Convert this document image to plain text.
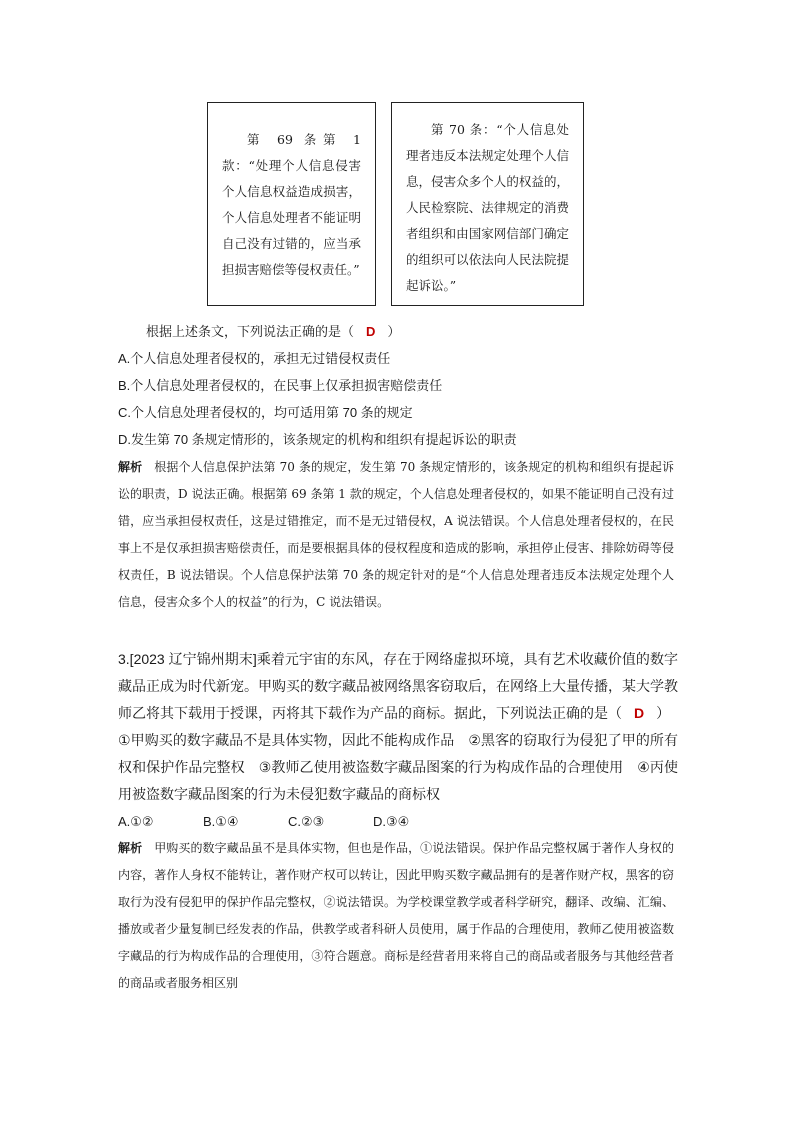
第 69 条第 1 款：“处理个人信息侵害个人信息权益造成损害，个人信息处理者不能证明自己没有过错的，应当承担损害赔偿等侵权责任。”

第 70 条：“个人信息处理者违反本法规定处理个人信息，侵害众多个人的权益的，人民检察院、法律规定的消费者组织和由国家网信部门确定的组织可以依法向人民法院提起诉讼。”

根据上述条文，下列说法正确的是（ D ）
A.个人信息处理者侵权的，承担无过错侵权责任
B.个人信息处理者侵权的，在民事上仅承担损害赔偿责任
C.个人信息处理者侵权的，均可适用第 70 条的规定
D.发生第 70 条规定情形的，该条规定的机构和组织有提起诉讼的职责
解析 根据个人信息保护法第 70 条的规定，发生第 70 条规定情形的，该条规定的机构和组织有提起诉讼的职责，D 说法正确。根据第 69 条第 1 款的规定，个人信息处理者侵权的，如果不能证明自己没有过错，应当承担侵权责任，这是过错推定，而不是无过错侵权，A 说法错误。个人信息处理者侵权的，在民事上不是仅承担损害赔偿责任，而是要根据具体的侵权程度和造成的影响，承担停止侵害、排除妨碍等侵权责任，B 说法错误。个人信息保护法第 70 条的规定针对的是“个人信息处理者违反本法规定处理个人信息，侵害众多个人的权益”的行为，C 说法错误。
3.[2023 辽宁锦州期末]乘着元宇宙的东风，存在于网络虚拟环境，具有艺术收藏价值的数字藏品正成为时代新宠。甲购买的数字藏品被网络黑客窃取后，在网络上大量传播，某大学教师乙将其下载用于授课，丙将其下载作为产品的商标。据此，下列说法正确的是（ D ）
①甲购买的数字藏品不是具体实物，因此不能构成作品　②黑客的窃取行为侵犯了甲的所有权和保护作品完整权　③教师乙使用被盗数字藏品图案的行为构成作品的合理使用　④丙使用被盗数字藏品图案的行为未侵犯数字藏品的商标权
A.①②	B.①④	C.②③	D.③④
解析 甲购买的数字藏品虽不是具体实物，但也是作品，①说法错误。保护作品完整权属于著作人身权的内容，著作人身权不能转让，著作财产权可以转让，因此甲购买数字藏品拥有的是著作财产权，黑客的窃取行为没有侵犯甲的保护作品完整权，②说法错误。为学校课堂教学或者科学研究，翻译、改编、汇编、播放或者少量复制已经发表的作品，供教学或者科研人员使用，属于作品的合理使用，教师乙使用被盗数字藏品的行为构成作品的合理使用，③符合题意。商标是经营者用来将自己的商品或者服务与其他经营者的商品或者服务相区别
